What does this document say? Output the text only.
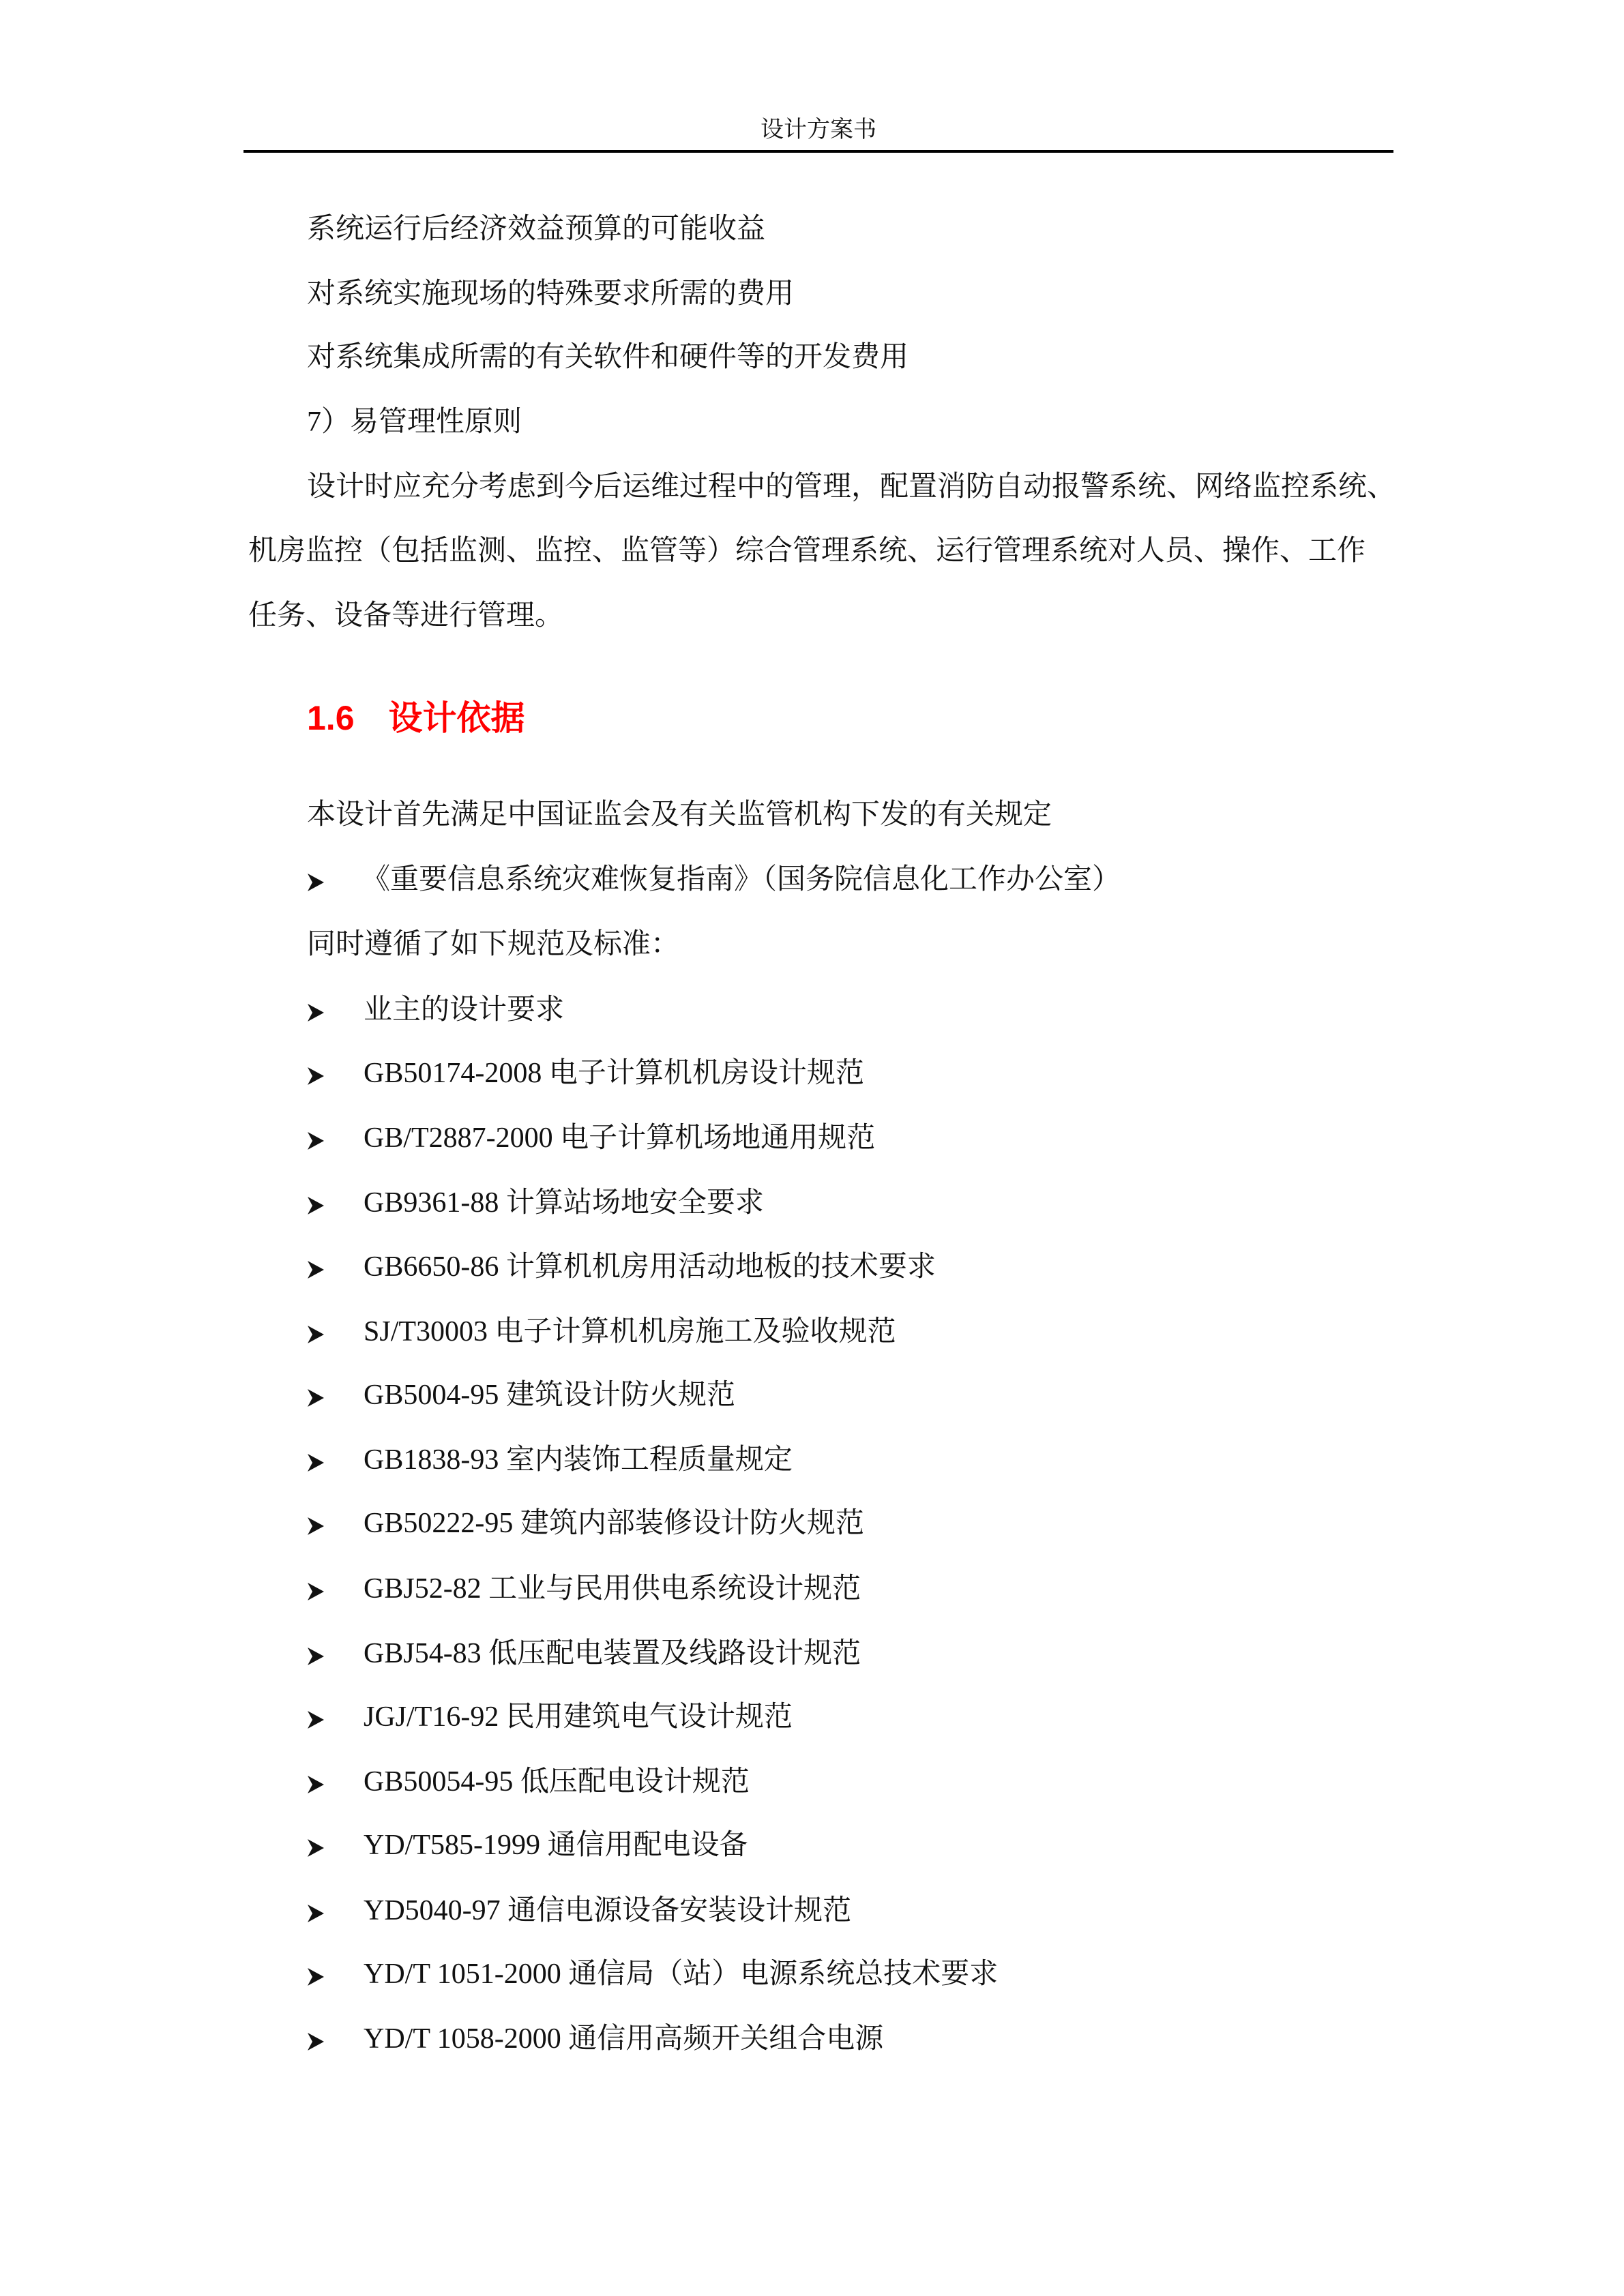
设计方案书
系统运行后经济效益预算的可能收益
对系统实施现场的特殊要求所需的费用
对系统集成所需的有关软件和硬件等的开发费用
7）易管理性原则
设计时应充分考虑到今后运维过程中的管理，配置消防自动报警系统、网络监控系统、
机房监控（包括监测、监控、监管等）综合管理系统、运行管理系统对人员、操作、工作
任务、设备等进行管理。
1.6 设计依据
本设计首先满足中国证监会及有关监管机构下发的有关规定
《重要信息系统灾难恢复指南》（国务院信息化工作办公室）
同时遵循了如下规范及标准：
业主的设计要求
GB50174-2008 电子计算机机房设计规范
GB/T2887-2000 电子计算机场地通用规范
GB9361-88 计算站场地安全要求
GB6650-86 计算机机房用活动地板的技术要求
SJ/T30003 电子计算机机房施工及验收规范
GB5004-95 建筑设计防火规范
GB1838-93 室内装饰工程质量规定
GB50222-95 建筑内部装修设计防火规范
GBJ52-82 工业与民用供电系统设计规范
GBJ54-83 低压配电装置及线路设计规范
JGJ/T16-92 民用建筑电气设计规范
GB50054-95 低压配电设计规范
YD/T585-1999 通信用配电设备
YD5040-97 通信电源设备安装设计规范
YD/T 1051-2000 通信局（站）电源系统总技术要求
YD/T 1058-2000 通信用高频开关组合电源
